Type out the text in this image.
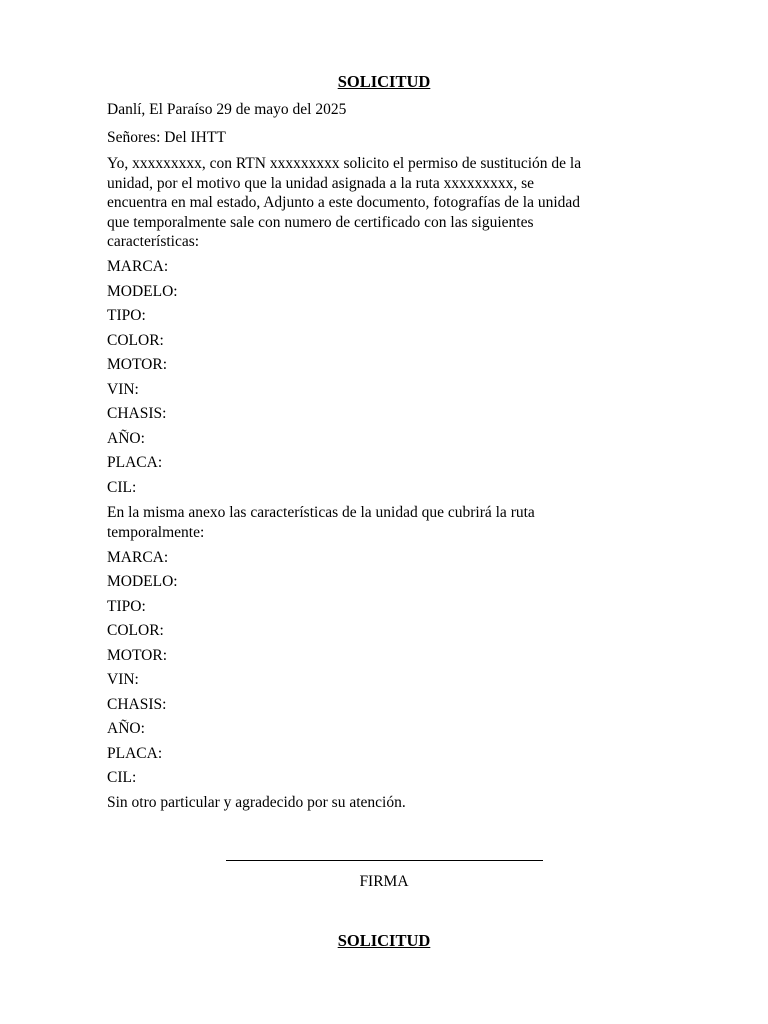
SOLICITUD
Danlí, El Paraíso 29 de mayo del 2025
Señores: Del IHTT
Yo, xxxxxxxxx, con RTN xxxxxxxxx solicito el permiso de sustitución de la
unidad, por el motivo que la unidad asignada a la ruta xxxxxxxxx, se
encuentra en mal estado, Adjunto a este documento, fotografías de la unidad
que temporalmente sale con numero de certificado con las siguientes
características:
MARCA:
MODELO:
TIPO:
COLOR:
MOTOR:
VIN:
CHASIS:
AÑO:
PLACA:
CIL:
En la misma anexo las características de la unidad que cubrirá la ruta
temporalmente:
MARCA:
MODELO:
TIPO:
COLOR:
MOTOR:
VIN:
CHASIS:
AÑO:
PLACA:
CIL:
Sin otro particular y agradecido por su atención.
FIRMA
SOLICITUD
